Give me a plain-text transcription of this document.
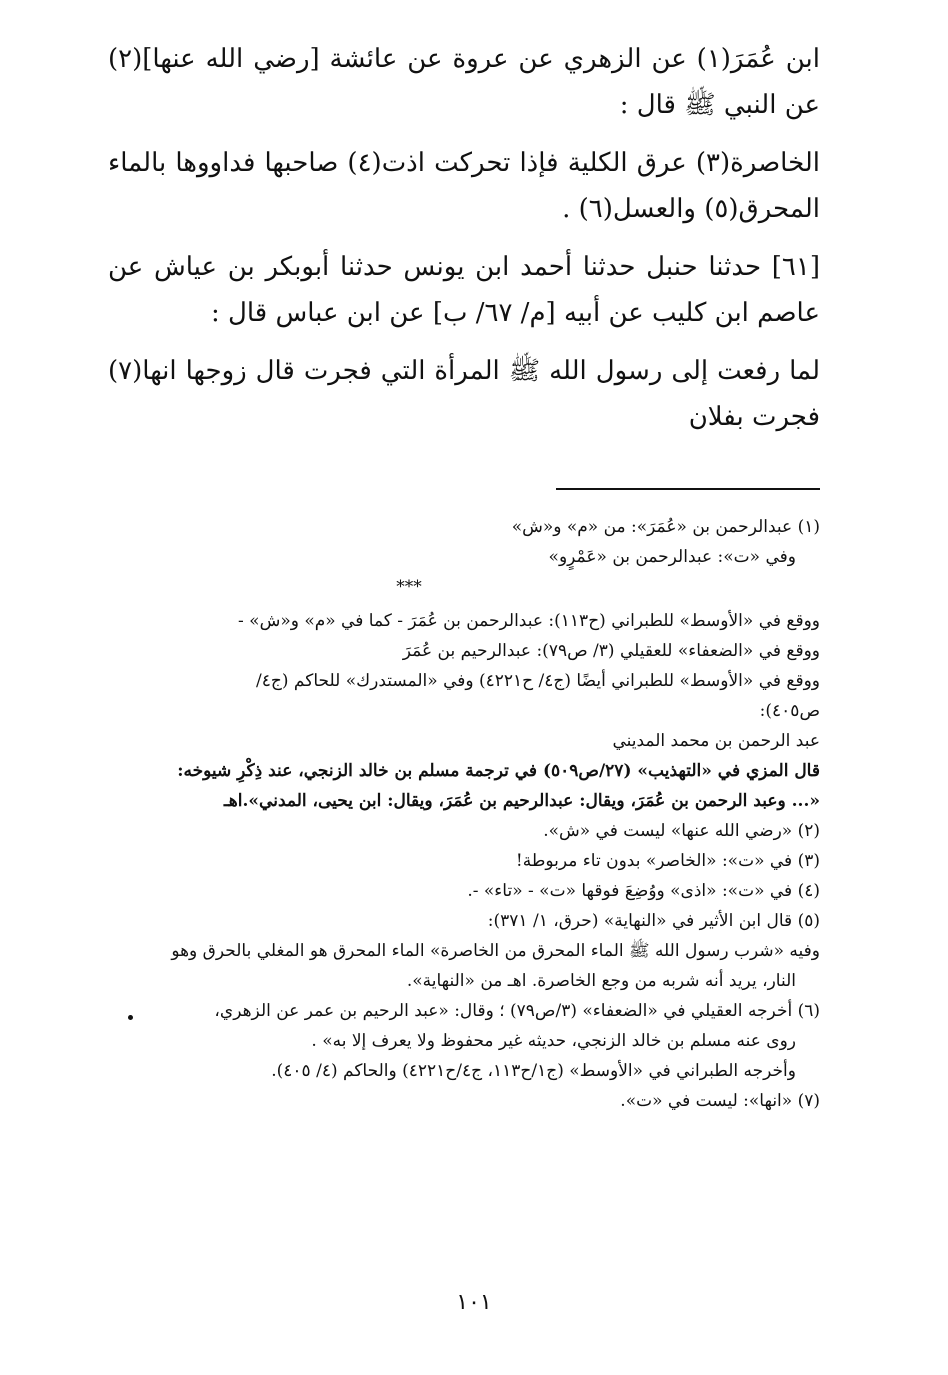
ابن عُمَرَ(١) عن الزهري عن عروة عن عائشة [رضي الله عنها](٢) عن النبي ﷺ قال :

الخاصرة(٣) عرق الكلية فإذا تحركت اذت(٤) صاحبها فداووها بالماء المحرق(٥) والعسل(٦) .

[٦١] حدثنا حنبل حدثنا أحمد ابن يونس حدثنا أبوبكر بن عياش عن عاصم ابن كليب عن أبيه [م/ ٦٧/ ب] عن ابن عباس قال :

لما رفعت إلى رسول الله ﷺ المرأة التي فجرت قال زوجها انها(٧) فجرت بفلان

(١) عبدالرحمن بن «عُمَرَ»: من «م» و«ش»
وفي «ت»: عبدالرحمن بن «عَمْرٍو»
***
ووقع في «الأوسط» للطبراني (ح١١٣): عبدالرحمن بن عُمَرَ - كما في «م» و«ش» -
ووقع في «الضعفاء» للعقيلي (٣/ ص٧٩): عبدالرحيم بن عُمَرَ
ووقع في «الأوسط» للطبراني أيضًا (ج٤/ ح٤٢٢١) وفي «المستدرك» للحاكم (ج٤/
ص٤٠٥):
عبد الرحمن بن محمد المديني
قال المزي في «التهذيب» (٢٧/ص٥٠٩) في ترجمة مسلم بن خالد الزنجي، عند ذِكْرِ شيوخه:
«... وعبد الرحمن بن عُمَرَ، ويقال: عبدالرحيم بن عُمَرَ، ويقال: ابن يحيى، المدني».اهـ
(٢) «رضي الله عنها» ليست في «ش».
(٣) في «ت»: «الخاصر» بدون تاء مربوطة!
(٤) في «ت»: «اذى» ووُضِعَ فوقها «ت» - «تاء» -.
(٥) قال ابن الأثير في «النهاية» (حرق، ١/ ٣٧١):
وفيه «شرب رسول الله ﷺ الماء المحرق من الخاصرة» الماء المحرق هو المغلي بالحرق وهو
النار، يريد أنه شربه من وجع الخاصرة. اهـ من «النهاية».
(٦) أخرجه العقيلي في «الضعفاء» (٣/ص٧٩) ؛ وقال: «عبد الرحيم بن عمر عن الزهري،
روى عنه مسلم بن خالد الزنجي، حديثه غير محفوظ ولا يعرف إلا به» .
وأخرجه الطبراني في «الأوسط» (ج١/ح١١٣، ج٤/ح٤٢٢١) والحاكم (٤/ ٤٠٥).
(٧) «انها»: ليست في «ت».
١٠١
